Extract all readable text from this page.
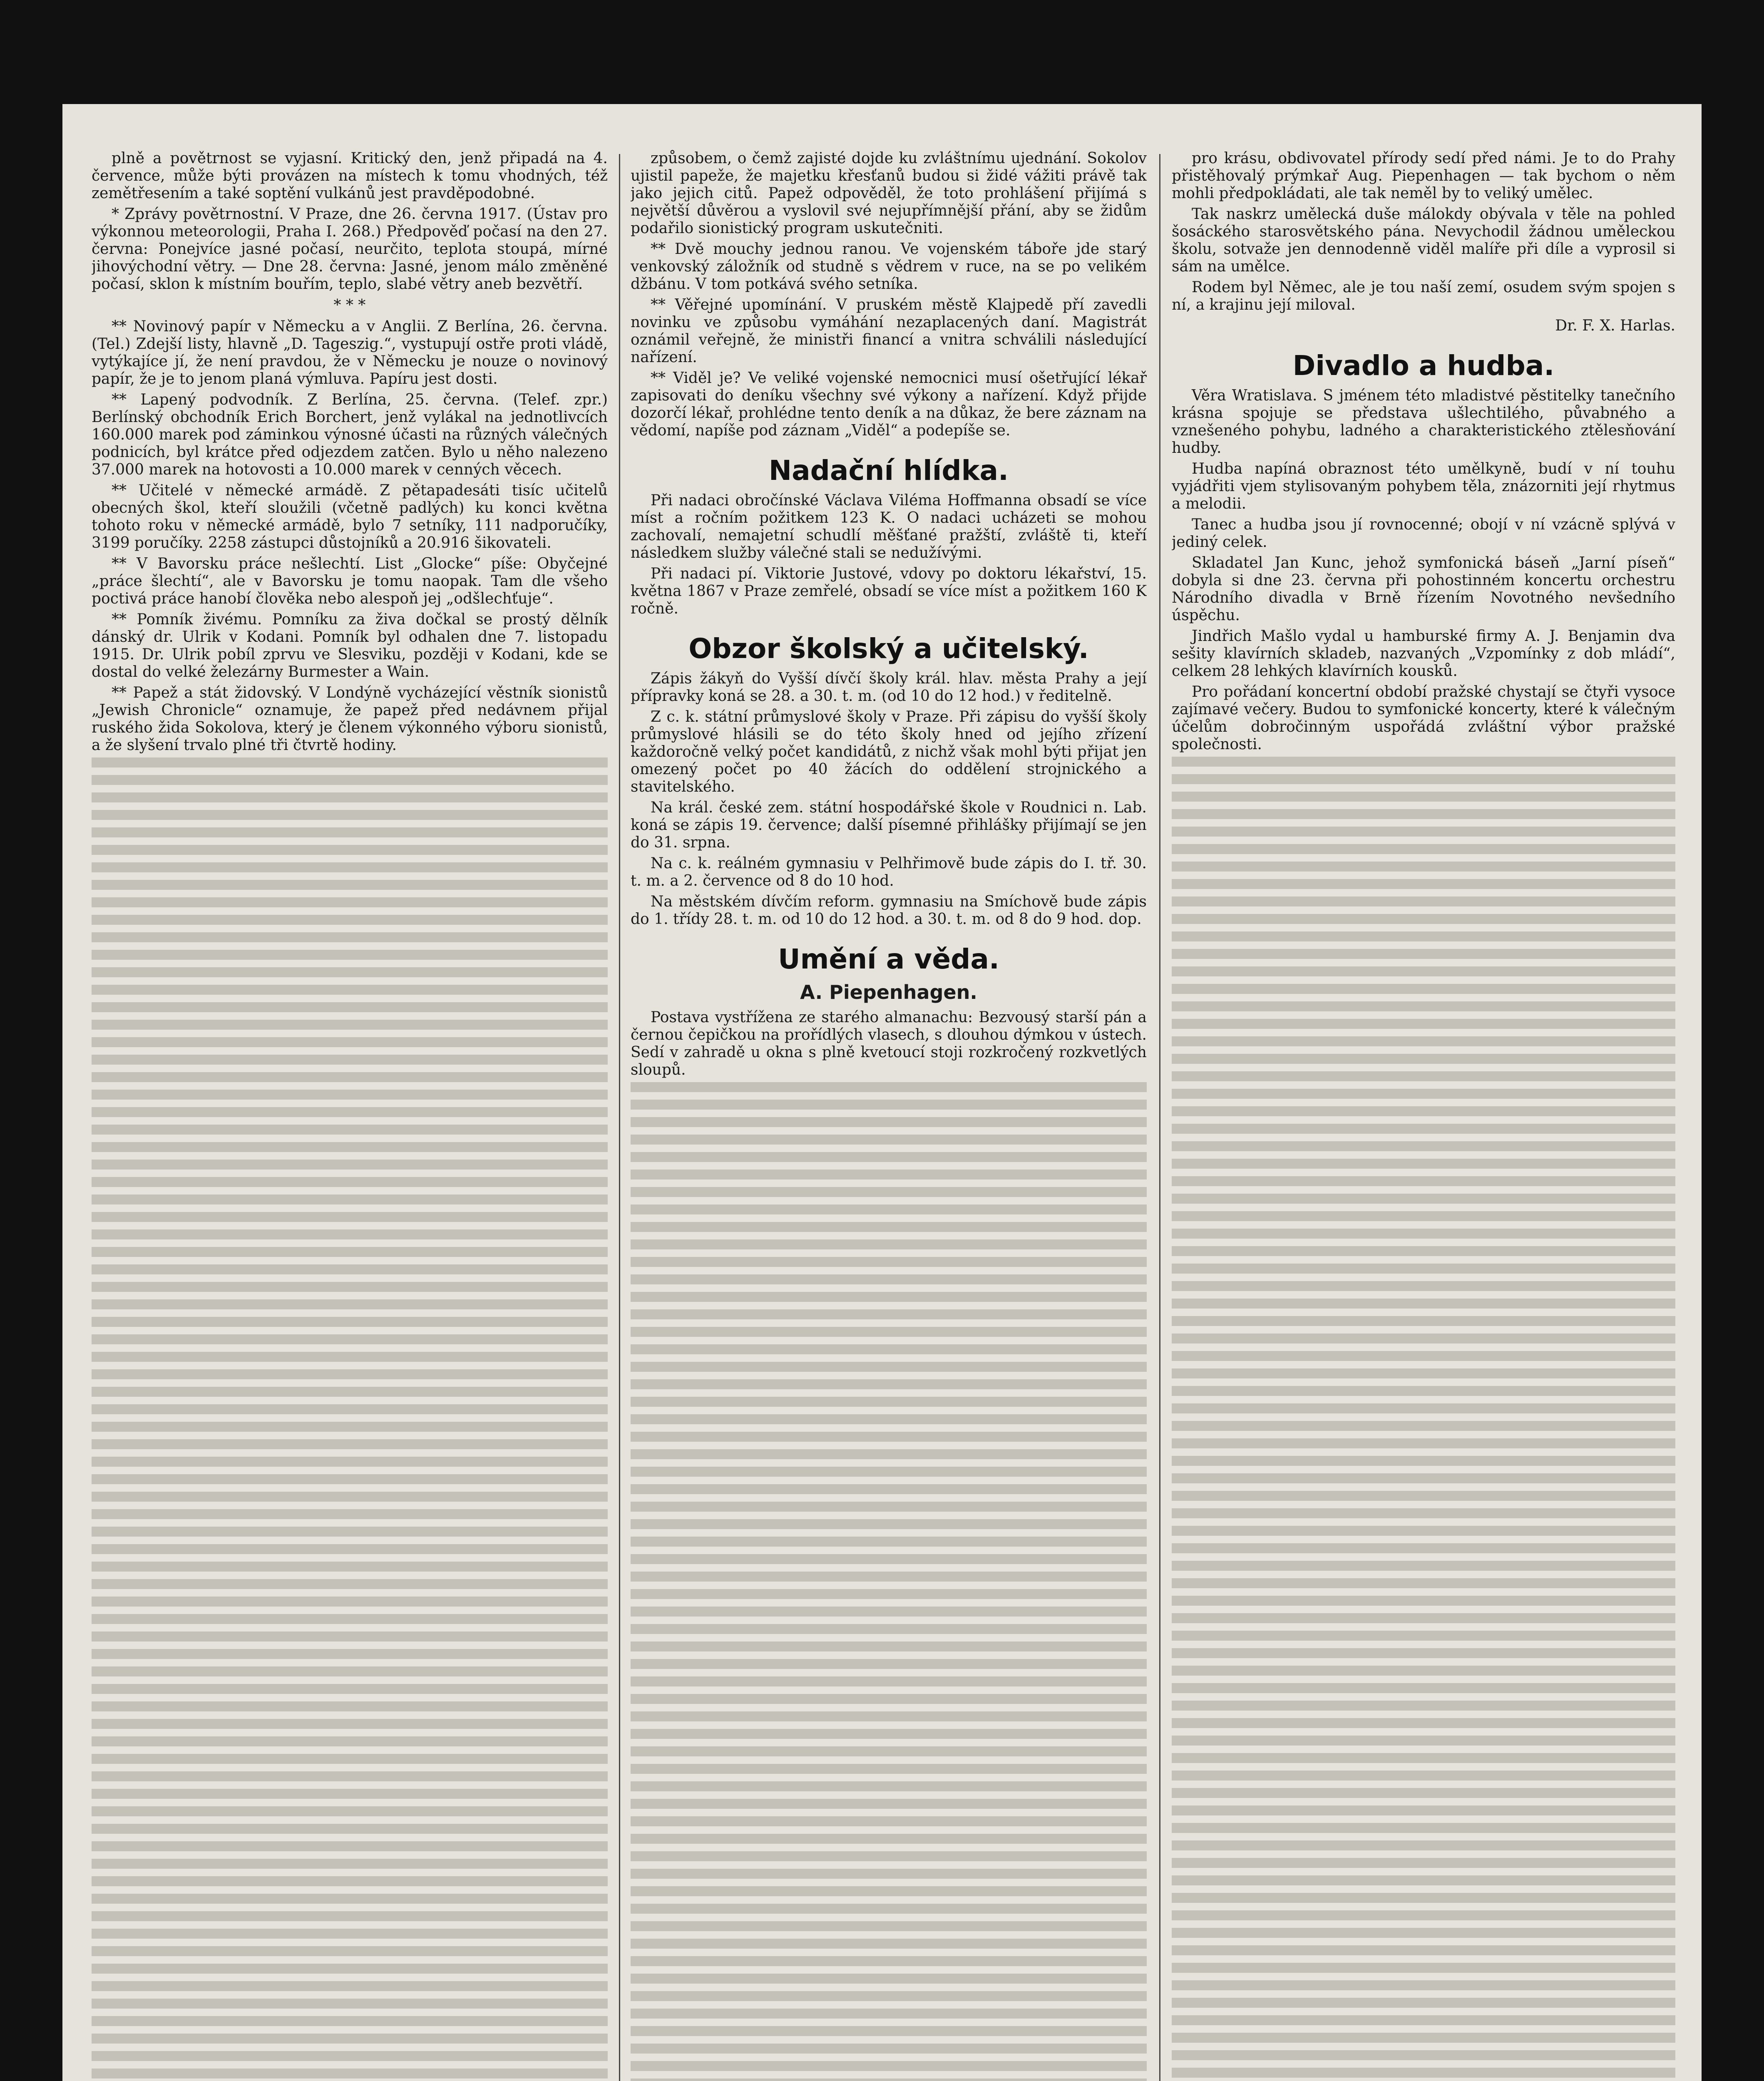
plně a povětrnost se vyjasní. Kritický den, jenž připadá na 4. července, může býti provázen na místech k tomu vhodných, též zemětřesením a také soptění vulkánů jest pravděpodobné.

* Zprávy povětrnostní. V Praze, dne 26. června 1917. (Ústav pro výkonnou meteorologii, Praha I. 268.) Předpověď počasí na den 27. června: Ponejvíce jasné počasí, neurčito, teplota stoupá, mírné jihovýchodní větry. — Dne 28. června: Jasné, jenom málo změněné počasí, sklon k místním bouřím, teplo, slabé větry aneb bezvětří.

* * *

** Novinový papír v Německu a v Anglii. Z Berlína, 26. června. (Tel.) Zdejší listy, hlavně „D. Tageszig.“, vystupují ostře proti vládě, vytýkajíce jí, že není pravdou, že v Německu je nouze o novinový papír, že je to jenom planá výmluva. Papíru jest dosti.

** Lapený podvodník. Z Berlína, 25. června. (Telef. zpr.) Berlínský obchodník Erich Borchert, jenž vylákal na jednotlivcích 160.000 marek pod záminkou výnosné účasti na různých válečných podnicích, byl krátce před odjezdem zatčen. Bylo u něho nalezeno 37.000 marek na hotovosti a 10.000 marek v cenných věcech.

** Učitelé v německé armádě. Z pětapadesáti tisíc učitelů obecných škol, kteří sloužili (včetně padlých) ku konci května tohoto roku v německé armádě, bylo 7 setníky, 111 nadporučíky, 3199 poručíky. 2258 zástupci důstojníků a 20.916 šikovateli.

** V Bavorsku práce nešlechtí. List „Glocke“ píše: Obyčejné „práce šlechtí“, ale v Bavorsku je tomu naopak. Tam dle všeho poctivá práce hanobí člověka nebo alespoň jej „odšlechťuje“.

** Pomník živému. Pomníku za živa dočkal se prostý dělník dánský dr. Ulrik v Kodani. Pomník byl odhalen dne 7. listopadu 1915. Dr. Ulrik pobíl zprvu ve Slesviku, později v Kodani, kde se dostal do velké železárny Burmester a Wain.

** Papež a stát židovský. V Londýně vycházející věstník sionistů „Jewish Chronicle“ oznamuje, že papež před nedávnem přijal ruského žida Sokolova, který je členem výkonného výboru sionistů, a že slyšení trvalo plné tři čtvrtě hodiny.

způsobem, o čemž zajisté dojde ku zvláštnímu ujednání. Sokolov ujistil papeže, že majetku křesťanů budou si židé vážiti právě tak jako jejich citů. Papež odpověděl, že toto prohlášení přijímá s největší důvěrou a vyslovil své nejupřímnější přání, aby se židům podařilo sionistický program uskutečniti.

** Dvě mouchy jednou ranou. Ve vojenském táboře jde starý venkovský záložník od studně s vědrem v ruce, na se po velikém džbánu. V tom potkává svého setníka.

** Věřejné upomínání. V pruském městě Klajpedě pří zavedli novinku ve způsobu vymáhání nezaplacených daní. Magistrát oznámil veřejně, že ministři financí a vnitra schválili následující nařízení.

** Viděl je? Ve veliké vojenské nemocnici musí ošetřující lékař zapisovati do deníku všechny své výkony a nařízení. Když přijde dozorčí lékař, prohlédne tento deník a na důkaz, že bere záznam na vědomí, napíše pod záznam „Viděl“ a podepíše se.

Nadační hlídka.

Při nadaci obročínské Václava Viléma Hoffmanna obsadí se více míst a ročním požitkem 123 K. O nadaci ucházeti se mohou zachovalí, nemajetní schudlí měšťané pražští, zvláště ti, kteří následkem služby válečné stali se nedužívými.

Při nadaci pí. Viktorie Justové, vdovy po doktoru lékařství, 15. května 1867 v Praze zemřelé, obsadí se více míst a požitkem 160 K ročně.

Obzor školský a učitelský.

Zápis žákyň do Vyšší dívčí školy král. hlav. města Prahy a její přípravky koná se 28. a 30. t. m. (od 10 do 12 hod.) v ředitelně.

Z c. k. státní průmyslové školy v Praze. Při zápisu do vyšší školy průmyslové hlásili se do této školy hned od jejího zřízení každoročně velký počet kandidátů, z nichž však mohl býti přijat jen omezený počet po 40 žácích do oddělení strojnického a stavitelského.

Na král. české zem. státní hospodářské škole v Roudnici n. Lab. koná se zápis 19. července; další písemné přihlášky přijímají se jen do 31. srpna.

Na c. k. reálném gymnasiu v Pelhřimově bude zápis do I. tř. 30. t. m. a 2. července od 8 do 10 hod.

Na městském dívčím reform. gymnasiu na Smíchově bude zápis do 1. třídy 28. t. m. od 10 do 12 hod. a 30. t. m. od 8 do 9 hod. dop.

Umění a věda.
A. Piepenhagen.

Postava vystřížena ze starého almanachu: Bezvousý starší pán a černou čepičkou na prořídlých vlasech, s dlouhou dýmkou v ústech. Sedí v zahradě u okna s plně kvetoucí stoji rozkročený rozkvetlých sloupů.

pro krásu, obdivovatel přírody sedí před námi. Je to do Prahy přistěhovalý prýmkař Aug. Piepenhagen — tak bychom o něm mohli předpokládati, ale tak neměl by to veliký umělec.

Tak naskrz umělecká duše málokdy obývala v těle na pohled šosáckého starosvětského pána. Nevychodil žádnou uměleckou školu, sotvaže jen dennodenně viděl malíře při díle a vyprosil si sám na umělce.

Rodem byl Němec, ale je tou naší zemí, osudem svým spojen s ní, a krajinu její miloval.

Dr. F. X. Harlas.

Divadlo a hudba.

Věra Wratislava. S jménem této mladistvé pěstitelky tanečního krásna spojuje se představa ušlechtilého, půvabného a vznešeného pohybu, ladného a charakteristického ztělesňování hudby.

Hudba napíná obraznost této umělkyně, budí v ní touhu vyjádřiti vjem stylisovaným pohybem těla, znázorniti její rhytmus a melodii.

Tanec a hudba jsou jí rovnocenné; obojí v ní vzácně splývá v jediný celek.

Skladatel Jan Kunc, jehož symfonická báseň „Jarní píseň“ dobyla si dne 23. června při pohostinném koncertu orchestru Národního divadla v Brně řízením Novotného nevšedního úspěchu.

Jindřich Mašlo vydal u hamburské firmy A. J. Benjamin dva sešity klavírních skladeb, nazvaných „Vzpomínky z dob mládí“, celkem 28 lehkých klavírních kousků.

Pro pořádaní koncertní období pražské chystají se čtyři vysoce zajímavé večery. Budou to symfonické koncerty, které k válečným účelům dobročinným uspořádá zvláštní výbor pražské společnosti.
